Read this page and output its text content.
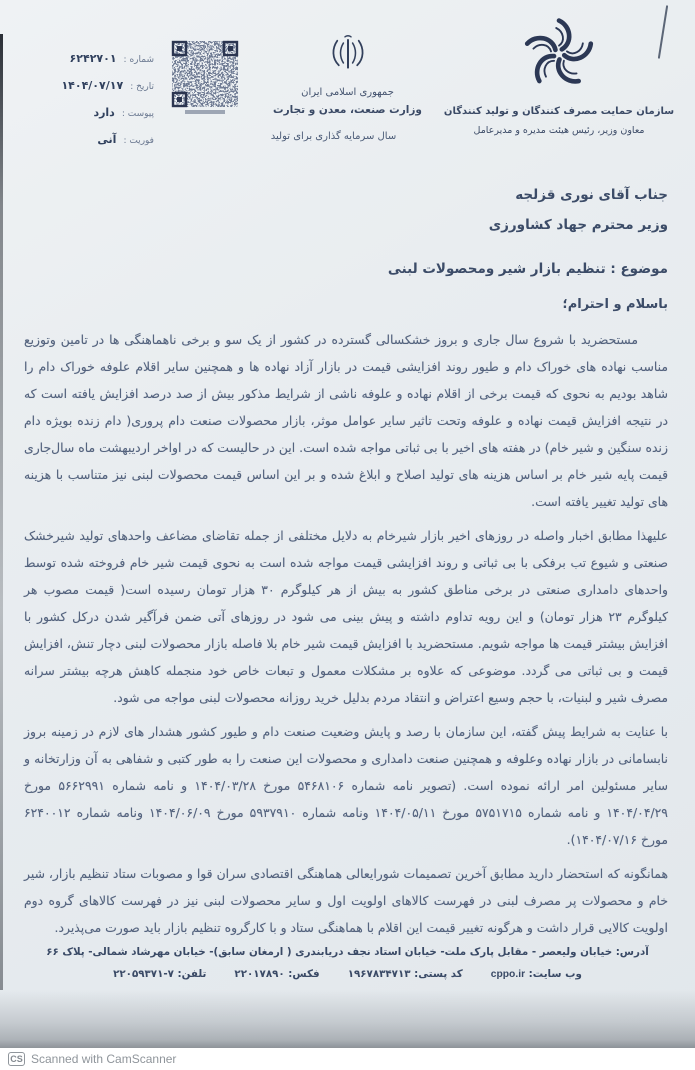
شماره :
۶۲۴۲۷۰۱
تاریخ :
۱۴۰۴/۰۷/۱۷
پیوست :
دارد
فوریت :
آنی
جمهوری اسلامی ایران
وزارت صنعت، معدن و تجارت
سال سرمایه گذاری برای تولید
سازمان حمایت مصرف کنندگان و تولید کنندگان
معاون وزیر، رئیس هیئت مدیره و مدیرعامل
جناب آقای نوری قزلجه
وزیر محترم جهاد کشاورزی
موضوع : تنظیم بازار شیر ومحصولات لبنی
باسلام و احترام؛

مستحضرید با شروع سال جاری و بروز خشکسالی گسترده در کشور از یک سو و برخی ناهماهنگی ها در تامین وتوزیع مناسب نهاده های خوراک دام و طیور روند افزایشی قیمت در بازار آزاد نهاده ها و همچنین سایر اقلام علوفه خوراک دام را شاهد بودیم به نحوی که قیمت برخی از اقلام نهاده و علوفه ناشی از شرایط مذکور بیش از صد درصد افزایش یافته است که در نتیجه افزایش قیمت نهاده و علوفه وتحت تاثیر سایر عوامل موثر، بازار محصولات صنعت دام پروری( دام زنده بویژه دام زنده سنگین و شیر خام) در هفته های اخیر با بی ثباتی مواجه شده است. این در حالیست که در اواخر اردیبهشت ماه سال‌جاری قیمت پایه شیر خام بر اساس هزینه های تولید اصلاح و ابلاغ شده و بر این اساس قیمت محصولات لبنی نیز متناسب با هزینه های تولید تغییر یافته است.

علیهذا مطابق اخبار واصله در روزهای اخیر بازار شیرخام به دلایل مختلفی از جمله تقاضای مضاعف واحدهای تولید شیرخشک صنعتی و شیوع تب برفکی با بی ثباتی و روند افزایشی قیمت مواجه شده است به نحوی قیمت شیر خام فروخته شده توسط واحدهای دامداری صنعتی در برخی مناطق کشور به بیش از هر کیلوگرم ۳۰ هزار تومان رسیده است( قیمت مصوب هر کیلوگرم ۲۳ هزار تومان) و این رویه تداوم داشته و پیش بینی می شود در روزهای آتی ضمن فرآگیر شدن درکل کشور با افزایش بیشتر قیمت ها مواجه شویم. مستحضرید با افزایش قیمت شیر خام بلا فاصله بازار محصولات لبنی دچار تنش، افزایش قیمت و بی ثباتی می گردد. موضوعی که علاوه بر مشکلات معمول و تبعات خاص خود منجمله کاهش هرچه بیشتر سرانه مصرف شیر و لبنیات، با حجم وسیع اعتراض و انتقاد مردم بدلیل خرید روزانه محصولات لبنی مواجه می شود.

با عنایت به شرایط پیش گفته، این سازمان با رصد و پایش وضعیت صنعت دام و طیور کشور هشدار های لازم در زمینه بروز نابسامانی در بازار نهاده وعلوفه و همچنین صنعت دامداری و محصولات این صنعت را به طور کتبی و شفاهی به آن وزارتخانه و سایر مسئولین امر ارائه نموده است. (تصویر نامه شماره ۵۴۶۸۱۰۶ مورخ ۱۴۰۴/۰۳/۲۸ و نامه شماره ۵۶۶۲۹۹۱ مورخ ۱۴۰۴/۰۴/۲۹ و نامه شماره ۵۷۵۱۷۱۵ مورخ ۱۴۰۴/۰۵/۱۱ ونامه شماره ۵۹۳۷۹۱۰ مورخ ۱۴۰۴/۰۶/۰۹ ونامه شماره ۶۲۴۰۰۱۲ مورخ ۱۴۰۴/۰۷/۱۶).

همانگونه که استحضار دارید مطابق آخرین تصمیمات شورایعالی هماهنگی اقتصادی سران قوا و مصوبات ستاد تنظیم بازار، شیر خام و محصولات پر مصرف لبنی در فهرست کالاهای اولویت اول و سایر محصولات لبنی نیز در فهرست کالاهای گروه دوم اولویت کالایی قرار داشت و هرگونه تغییر قیمت این اقلام با هماهنگی ستاد و با کارگروه تنظیم بازار باید صورت می‌پذیرد.

آدرس: خیابان ولیعصر - مقابل پارک ملت- خیابان استاد نجف دریابندری ( ارمغان سابق)- خیابان مهرشاد شمالی- پلاک ۶۶
تلفن: ۷-۲۲۰۵۹۳۷۱	فکس: ۲۲۰۱۷۸۹۰	کد پستی: ۱۹۶۷۸۳۴۷۱۳	وب سایت: cppo.ir
CS Scanned with CamScanner
